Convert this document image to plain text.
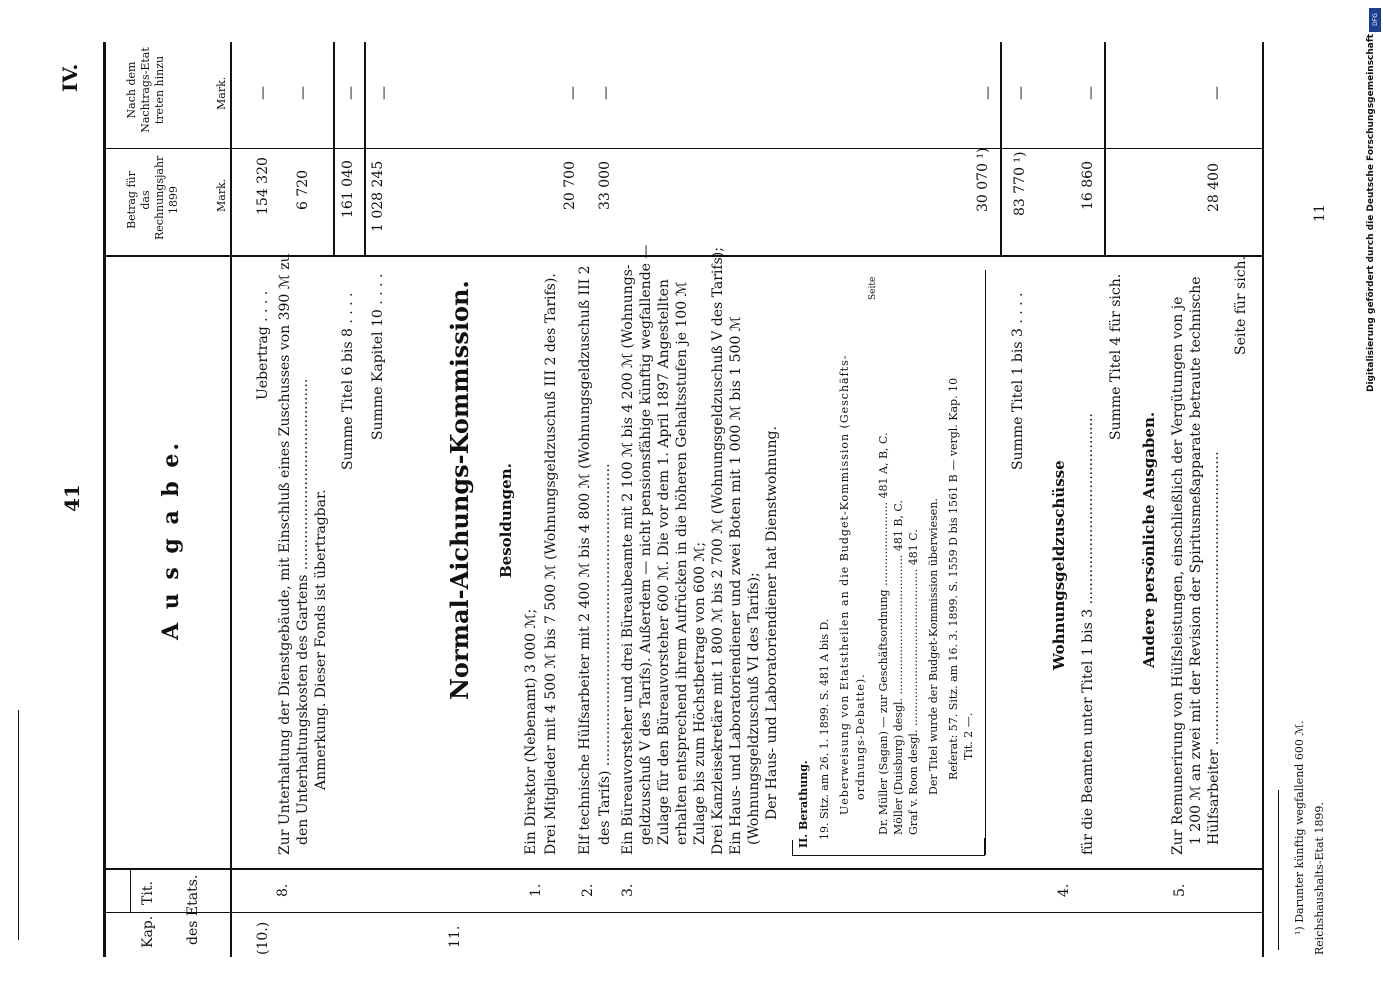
41
IV.
11
Kap.
Tit. des Etats.
A u s g a b e.
Betrag für das Rechnungsjahr 1899	Mark.
Nach dem Nachtrags-Etat treten hinzu	Mark.
(10.)
8.
Uebertrag . . . .
154 320
Zur Unterhaltung der Dienstgebäude, mit Einschluß eines Zuschusses von 390 ℳ zu den Unterhaltungskosten des Gartens ...........................................
6 720
Anmerkung. Dieser Fonds ist übertragbar.
Summe Titel 6 bis 8 . . . .
161 040
Summe Kapitel 10 . . . .
1 028 245
— — — —
11.
Normal-Aichungs-Kommission. Besoldungen.
1.
Ein Direktor (Nebenamt) 3 000 ℳ; Drei Mitglieder mit 4 500 ℳ bis 7 500 ℳ (Wohnungsgeldzuschuß III 2 des Tarifs).
20 700
—
2.
Elf technische Hülfsarbeiter mit 2 400 ℳ bis 4 800 ℳ (Wohnungsgeldzuschuß III 2 des Tarifs) ....................................................................
33 000
—
3.
Ein Büreauvorsteher und drei Büreaubeamte mit 2 100 ℳ bis 4 200 ℳ (Wohnungs- geldzuschuß V des Tarifs). Außerdem — nicht pensionsfähige künftig wegfallende — Zulage für den Büreauvorsteher 600 ℳ. Die vor dem 1. April 1897 Angestellten erhalten entsprechend ihrem Aufrücken in die höheren Gehaltsstufen je 100 ℳ Zulage bis zum Höchstbetrage von 600 ℳ; Drei Kanzleisekretäre mit 1 800 ℳ bis 2 700 ℳ (Wohnungsgeldzuschuß V des Tarifs); Ein Haus- und Laboratoriendiener und zwei Boten mit 1 000 ℳ bis 1 500 ℳ (Wohnungsgeldzuschuß VI des Tarifs); Der Haus- und Laboratoriendiener hat Dienstwohnung.
30 070 ¹)
—
II. Berathung. 19. Sitz. am 26. 1. 1899. S. 481 A bis D. Ueberweisung von Etatstheilen an die Budget-Kommission (Geschäfts- ordnungs-Debatte).
Seite
Dr. Müller (Sagan) — zur Geschäftsordnung ........................ 481 A, B, C. Möller (Duisburg) desgl. ........................................ 481 B, C. Graf v. Roon desgl. ............................................. 481 C. Der Titel wurde der Budget-Kommission überwiesen. Referat: 57. Sitz. am 16. 3. 1899. S. 1559 D bis 1561 B — vergl. Kap. 10 Tit. 2 —.
Summe Titel 1 bis 3 . . . .
83 770 ¹)
—
Wohnungsgeldzuschüsse
4.
für die Beamten unter Titel 1 bis 3 ...........................................
16 860
—
Summe Titel 4 für sich.
Andere persönliche Ausgaben.
5.
Zur Remunerirung von Hülfsleistungen, einschließlich der Vergütungen von je 1 200 ℳ an zwei mit der Revision der Spiritusmeßapparate betraute technische Hülfsarbeiter ..................................................................
28 400
—
Seite für sich.
¹) Darunter künftig wegfallend 600 ℳ. Reichshaushalts-Etat 1899.
Digitalisierung gefördert durch die Deutsche Forschungsgemeinschaft
DFG
